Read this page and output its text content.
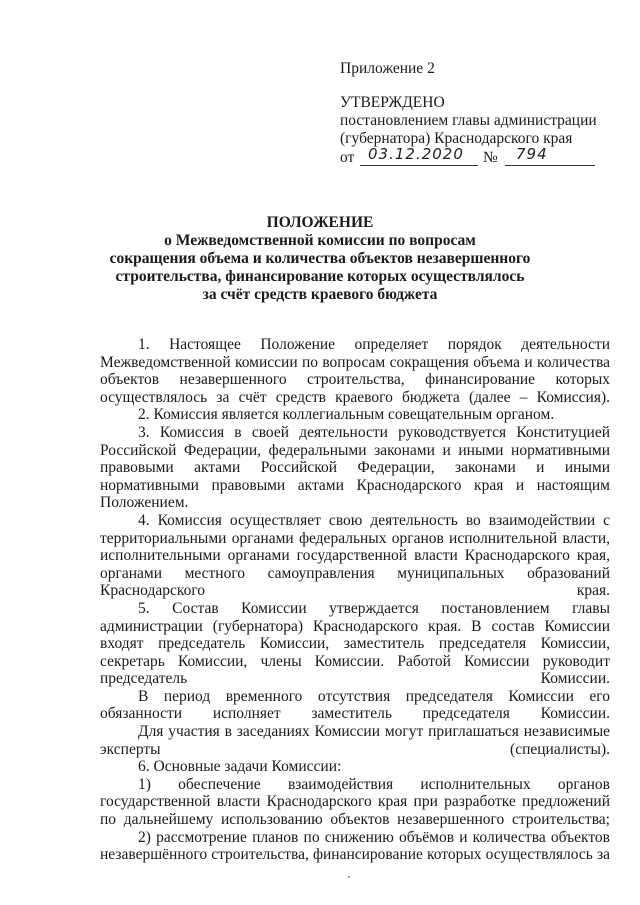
Приложение 2
УТВЕРЖДЕНО
постановлением главы администрации
(губернатора) Краснодарского края
от 03.12.2020 № 794
ПОЛОЖЕНИЕ
о Межведомственной комиссии по вопросам
сокращения объема и количества объектов незавершенного
строительства, финансирование которых осуществлялось
за счёт средств краевого бюджета

1. Настоящее Положение определяет порядок деятельности Межведомственной комиссии по вопросам сокращения объема и количества объектов незавершенного строительства, финансирование которых осуществлялось за счёт средств краевого бюджета (далее – Комиссия).

2. Комиссия является коллегиальным совещательным органом.

3. Комиссия в своей деятельности руководствуется Конституцией Российской Федерации, федеральными законами и иными нормативными правовыми актами Российской Федерации, законами и иными нормативными правовыми актами Краснодарского края и настоящим Положением.

4. Комиссия осуществляет свою деятельность во взаимодействии с территориальными органами федеральных органов исполнительной власти, исполнительными органами государственной власти Краснодарского края, органами местного самоуправления муниципальных образований Краснодарского края.

5. Состав Комиссии утверждается постановлением главы администрации (губернатора) Краснодарского края. В состав Комиссии входят председатель Комиссии, заместитель председателя Комиссии, секретарь Комиссии, члены Комиссии. Работой Комиссии руководит председатель Комиссии.

В период временного отсутствия председателя Комиссии его обязанности исполняет заместитель председателя Комиссии.

Для участия в заседаниях Комиссии могут приглашаться независимые эксперты (специалисты).

6. Основные задачи Комиссии:

1) обеспечение взаимодействия исполнительных органов государственной власти Краснодарского края при разработке предложений по дальнейшему использованию объектов незавершенного строительства;

2) рассмотрение планов по снижению объёмов и количества объектов незавершённого строительства, финансирование которых осуществлялось за
